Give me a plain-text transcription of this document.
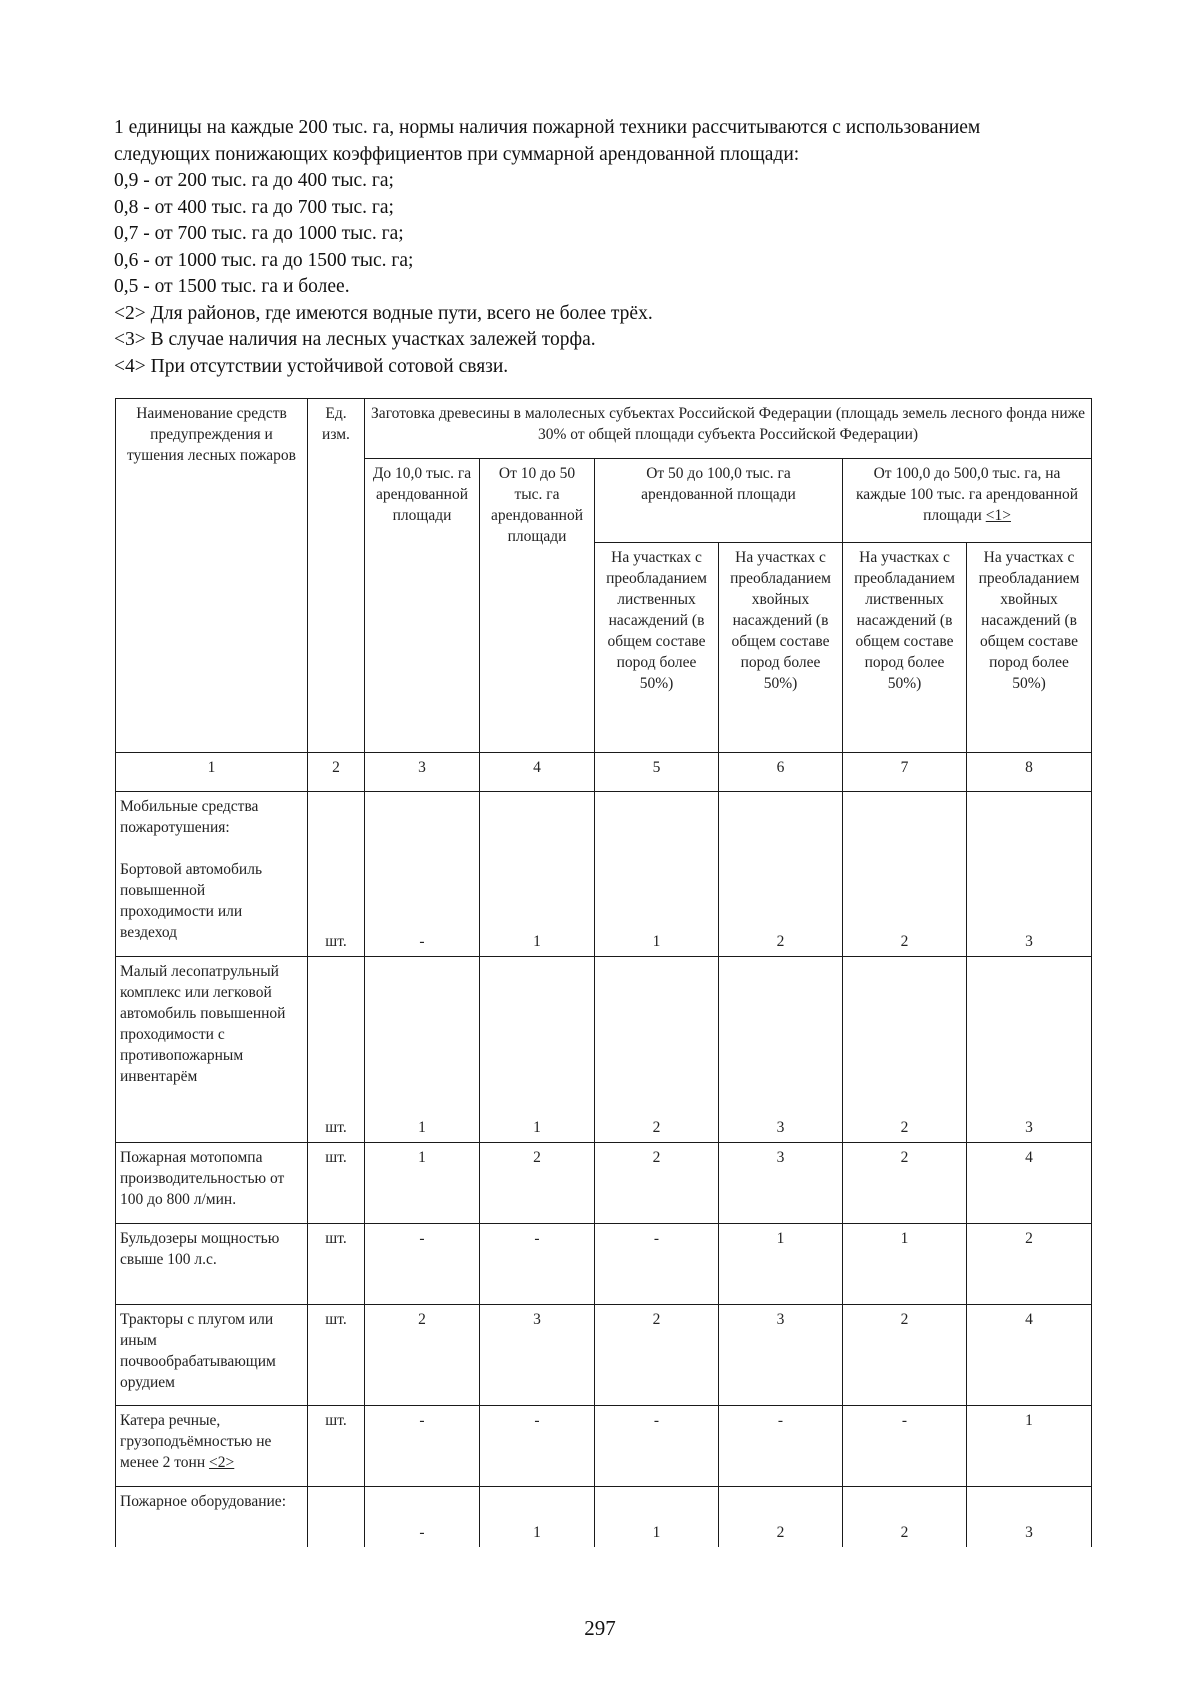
1 единицы на каждые 200 тыс. га, нормы наличия пожарной техники рассчитываются с использованием
следующих понижающих коэффициентов при суммарной арендованной площади:
0,9 - от 200 тыс. га до 400 тыс. га;
0,8 - от 400 тыс. га до 700 тыс. га;
0,7 - от 700 тыс. га до 1000 тыс. га;
0,6 - от 1000 тыс. га до 1500 тыс. га;
0,5 - от 1500 тыс. га и более.
<2> Для районов, где имеются водные пути, всего не более трёх.
<3> В случае наличия на лесных участках залежей торфа.
<4> При отсутствии устойчивой сотовой связи.
Наименование средств предупреждения и тушения лесных пожаров	Ед. изм.	Заготовка древесины в малолесных субъектах Российской Федерации (площадь земель лесного фонда ниже 30% от общей площади субъекта Российской Федерации)					
		До 10,0 тыс. га арендованной площади	От 10 до 50 тыс. га арендованной площади	От 50 до 100,0 тыс. га арендованной площади		От 100,0 до 500,0 тыс. га, на каждые 100 тыс. га арендованной площади <1>	
				На участках с преобладанием лиственных насаждений (в общем составе пород более 50%)	На участках с преобладанием хвойных насаждений (в общем составе пород более 50%)	На участках с преобладанием лиственных насаждений (в общем составе пород более 50%)	На участках с преобладанием хвойных насаждений (в общем составе пород более 50%)
1	2	3	4	5	6	7	8

Мобильные средства пожаротушения:
Бортовой автомобиль повышенной проходимости или вездеход	шт.	-	1	1	2	2	3
Малый лесопатрульный комплекс или легковой автомобиль повышенной проходимости с противопожарным инвентарём	шт.	1	1	2	3	2	3
Пожарная мотопомпа производительностью от 100 до 800 л/мин.	шт.	1	2	2	3	2	4
Бульдозеры мощностью свыше 100 л.с.	шт.	-	-	-	1	1	2
Тракторы с плугом или иным почвообрабатывающим орудием	шт.	2	3	2	3	2	4
Катера речные, грузоподъёмностью не менее 2 тонн <2>	шт.	-	-	-	-	-	1
Пожарное оборудование:		-	1	1	2	2	3
297
